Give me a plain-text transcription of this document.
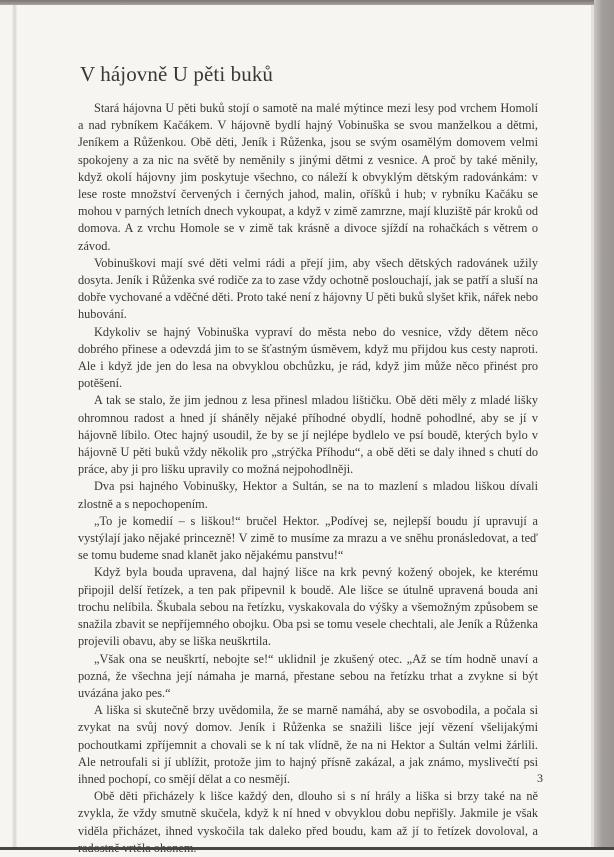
V hájovně U pěti buků

Stará hájovna U pěti buků stojí o samotě na malé mýtince mezi lesy pod vrchem Homolí a nad rybníkem Kačákem. V hájovně bydlí hajný Vobinuška se svou manželkou a dětmi, Jeníkem a Růženkou. Obě děti, Jeník i Růženka, jsou se svým osamělým domovem velmi spokojeny a za nic na světě by neměnily s jinými dětmi z vesnice. A proč by také měnily, když okolí hájovny jim poskytuje všechno, co náleží k obvyklým dětským radovánkám: v lese roste množství červených i černých jahod, malin, oříšků i hub; v rybníku Kačáku se mohou v parných letních dnech vykoupat, a když v zimě zamrzne, mají kluziště pár kroků od domova. A z vrchu Homole se v zimě tak krásně a divoce sjíždí na rohačkách s větrem o závod.

Vobinuškovi mají své děti velmi rádi a přejí jim, aby všech dětských radovánek užily dosyta. Jeník i Růženka své rodiče za to zase vždy ochotně poslouchají, jak se patří a sluší na dobře vychované a vděčné děti. Proto také není z hájovny U pěti buků slyšet křik, nářek nebo hubování.

Kdykoliv se hajný Vobinuška vypraví do města nebo do vesnice, vždy dětem něco dobrého přinese a odevzdá jim to se šťastným úsměvem, když mu přijdou kus cesty naproti. Ale i když jde jen do lesa na obvyklou obchůzku, je rád, když jim může něco přinést pro potěšení.

A tak se stalo, že jim jednou z lesa přinesl mladou lištičku. Obě děti měly z mladé lišky ohromnou radost a hned jí sháněly nějaké příhodné obydlí, hodně pohodlné, aby se jí v hájovně líbilo. Otec hajný usoudil, že by se jí nejlépe bydlelo ve psí boudě, kterých bylo v hájovně U pěti buků vždy několik pro „strýčka Příhodu“, a obě děti se daly ihned s chutí do práce, aby ji pro lišku upravily co možná nejpohodlněji.

Dva psi hajného Vobinušky, Hektor a Sultán, se na to mazlení s mladou liškou dívali zlostně a s nepochopením.

„To je komedií – s liškou!“ bručel Hektor. „Podívej se, nejlepší boudu jí upravují a vystýlají jako nějaké princezně! V zimě to musíme za mrazu a ve sněhu pronásledovat, a teď se tomu budeme snad klanět jako nějakému panstvu!“

Když byla bouda upravena, dal hajný lišce na krk pevný kožený obojek, ke kterému připojil delší řetízek, a ten pak připevnil k boudě. Ale lišce se útulně upravená bouda ani trochu nelíbila. Škubala sebou na řetízku, vyskakovala do výšky a všemožným způsobem se snažila zbavit se nepříjemného obojku. Oba psi se tomu vesele chechtali, ale Jeník a Růženka projevili obavu, aby se liška neuškrtila.

„Však ona se neuškrtí, nebojte se!“ uklidnil je zkušený otec. „Až se tím hodně unaví a pozná, že všechna její námaha je marná, přestane sebou na řetízku trhat a zvykne si být uvázána jako pes.“

A liška si skutečně brzy uvědomila, že se marně namáhá, aby se osvobodila, a počala si zvykat na svůj nový domov. Jeník i Růženka se snažili lišce její vězení všelijakými pochoutkami zpříjemnit a chovali se k ní tak vlídně, že na ni Hektor a Sultán velmi žárlili. Ale netroufali si jí ublížit, protože jim to hajný přísně zakázal, a jak známo, myslivečtí psi ihned pochopí, co smějí dělat a co nesmějí.

Obě děti přicházely k lišce každý den, dlouho si s ní hrály a liška si brzy také na ně zvykla, že vždy smutně skučela, když k ní hned v obvyklou dobu nepřišly. Jakmile je však viděla přicházet, ihned vyskočila tak daleko před boudu, kam až jí to řetízek dovoloval, a

3
